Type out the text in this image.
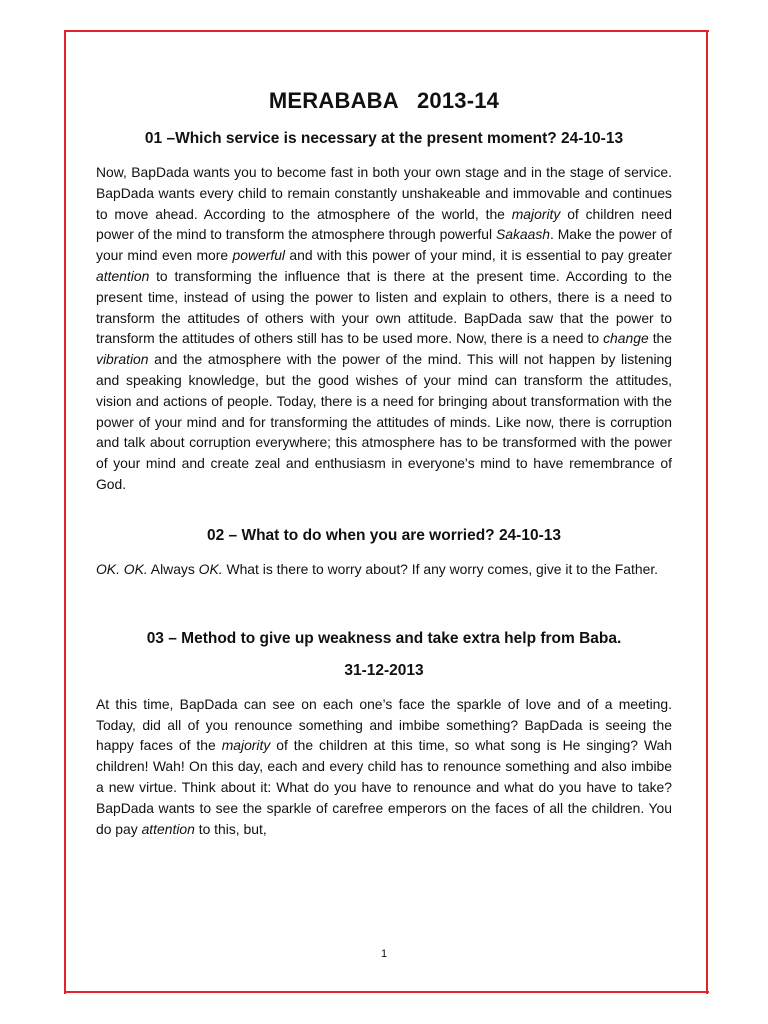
MERABABA   2013-14
01 –Which service is necessary at the present moment? 24-10-13

Now, BapDada wants you to become fast in both your own stage and in the stage of service. BapDada wants every child to remain constantly unshakeable and immovable and continues to move ahead. According to the atmosphere of the world, the majority of children need power of the mind to transform the atmosphere through powerful Sakaash. Make the power of your mind even more powerful and with this power of your mind, it is essential to pay greater attention to transforming the influence that is there at the present time. According to the present time, instead of using the power to listen and explain to others, there is a need to transform the attitudes of others with your own attitude. BapDada saw that the power to transform the attitudes of others still has to be used more. Now, there is a need to change the vibration and the atmosphere with the power of the mind. This will not happen by listening and speaking knowledge, but the good wishes of your mind can transform the attitudes, vision and actions of people. Today, there is a need for bringing about transformation with the power of your mind and for transforming the attitudes of minds. Like now, there is corruption and talk about corruption everywhere; this atmosphere has to be transformed with the power of your mind and create zeal and enthusiasm in everyone's mind to have remembrance of God.

02 – What to do when you are worried? 24-10-13

OK. OK. Always OK. What is there to worry about? If any worry comes, give it to the Father.

03 – Method to give up weakness and take extra help from Baba.
31-12-2013

At this time, BapDada can see on each one’s face the sparkle of love and of a meeting. Today, did all of you renounce something and imbibe something? BapDada is seeing the happy faces of the majority of the children at this time, so what song is He singing? Wah children! Wah! On this day, each and every child has to renounce something and also imbibe a new virtue. Think about it: What do you have to renounce and what do you have to take? BapDada wants to see the sparkle of carefree emperors on the faces of all the children. You do pay attention to this, but,

1
